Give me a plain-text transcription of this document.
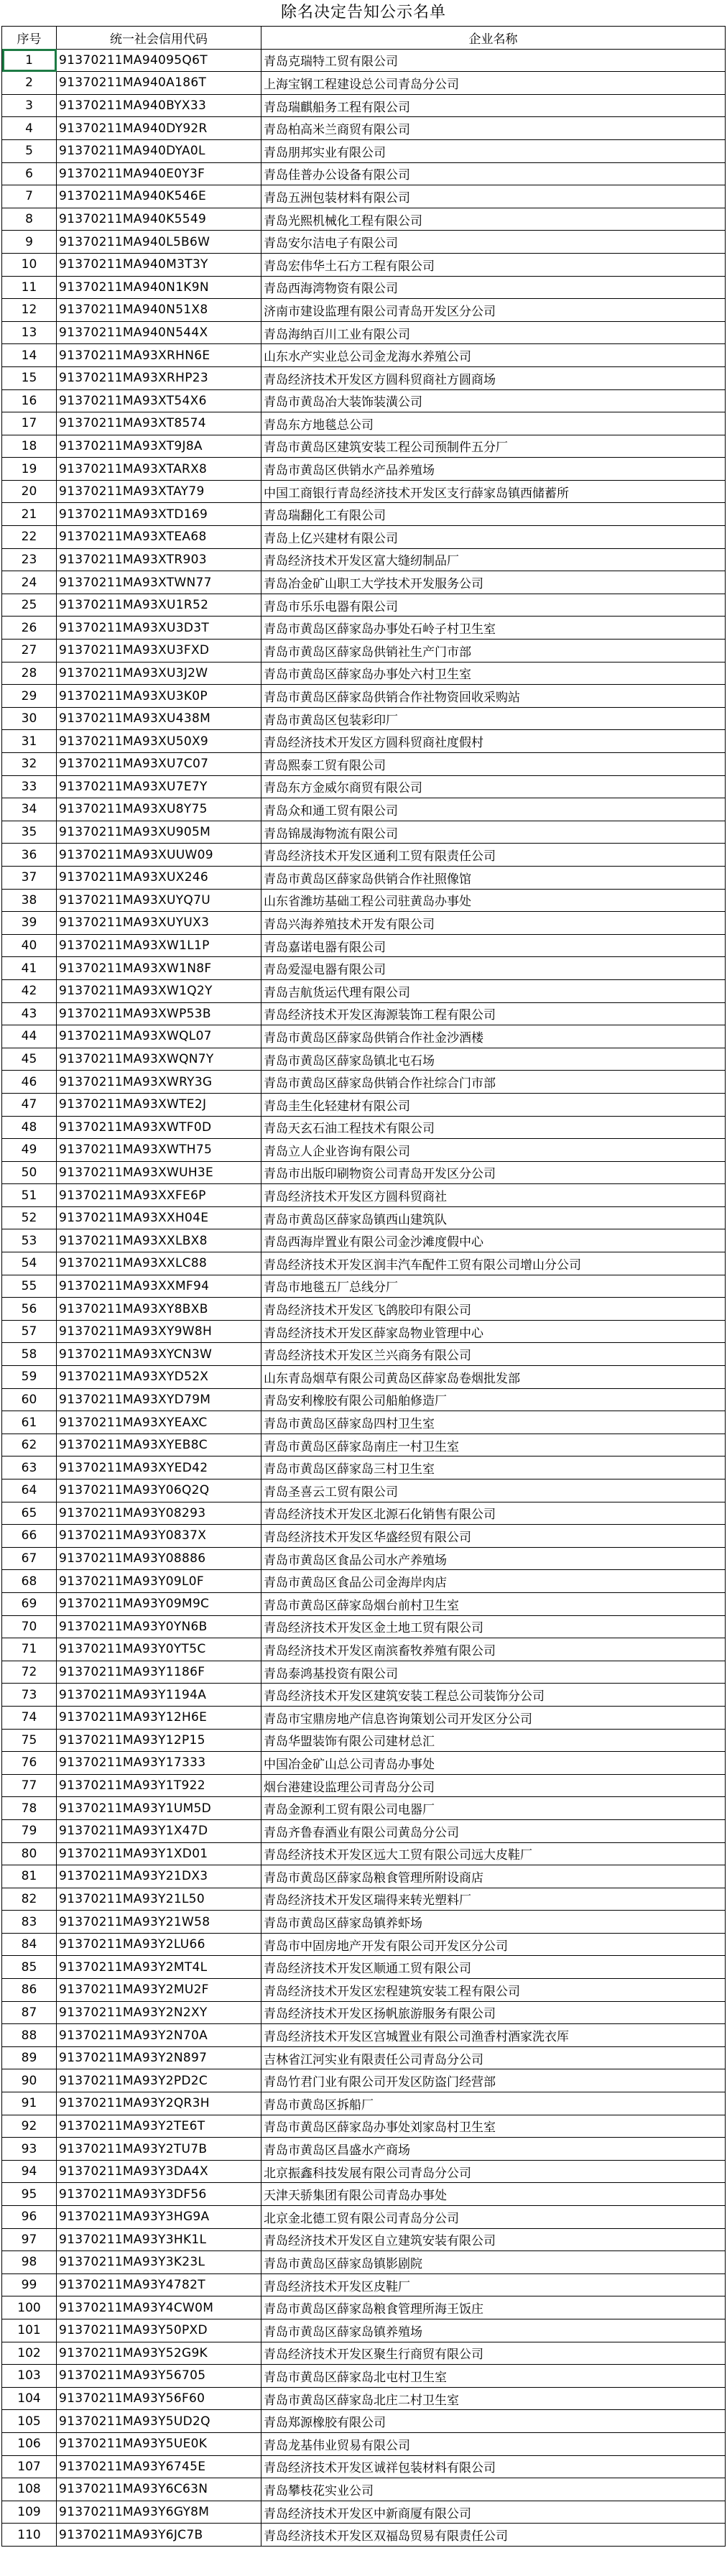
除名决定告知公示名单
序号	统一社会信用代码	企业名称
1	91370211MA94095Q6T	青岛克瑞特工贸有限公司
2	91370211MA940A186T	上海宝钢工程建设总公司青岛分公司
3	91370211MA940BYX33	青岛瑞麒船务工程有限公司
4	91370211MA940DY92R	青岛柏高米兰商贸有限公司
5	91370211MA940DYA0L	青岛朋邦实业有限公司
6	91370211MA940E0Y3F	青岛佳普办公设备有限公司
7	91370211MA940K546E	青岛五洲包装材料有限公司
8	91370211MA940K5549	青岛光熙机械化工程有限公司
9	91370211MA940L5B6W	青岛安尔洁电子有限公司
10	91370211MA940M3T3Y	青岛宏伟华土石方工程有限公司
11	91370211MA940N1K9N	青岛西海湾物资有限公司
12	91370211MA940N51X8	济南市建设监理有限公司青岛开发区分公司
13	91370211MA940N544X	青岛海纳百川工业有限公司
14	91370211MA93XRHN6E	山东水产实业总公司金龙海水养殖公司
15	91370211MA93XRHP23	青岛经济技术开发区方圆科贸商社方圆商场
16	91370211MA93XT54X6	青岛市黄岛冶大装饰装潢公司
17	91370211MA93XT8574	青岛东方地毯总公司
18	91370211MA93XT9J8A	青岛市黄岛区建筑安装工程公司预制件五分厂
19	91370211MA93XTARX8	青岛市黄岛区供销水产品养殖场
20	91370211MA93XTAY79	中国工商银行青岛经济技术开发区支行薛家岛镇西储蓄所
21	91370211MA93XTD169	青岛瑞翻化工有限公司
22	91370211MA93XTEA68	青岛上亿兴建材有限公司
23	91370211MA93XTR903	青岛经济技术开发区富大缝纫制品厂
24	91370211MA93XTWN77	青岛冶金矿山职工大学技术开发服务公司
25	91370211MA93XU1R52	青岛市乐乐电器有限公司
26	91370211MA93XU3D3T	青岛市黄岛区薛家岛办事处石岭子村卫生室
27	91370211MA93XU3FXD	青岛市黄岛区薛家岛供销社生产门市部
28	91370211MA93XU3J2W	青岛市黄岛区薛家岛办事处六村卫生室
29	91370211MA93XU3K0P	青岛市黄岛区薛家岛供销合作社物资回收采购站
30	91370211MA93XU438M	青岛市黄岛区包装彩印厂
31	91370211MA93XU50X9	青岛经济技术开发区方圆科贸商社度假村
32	91370211MA93XU7C07	青岛熙泰工贸有限公司
33	91370211MA93XU7E7Y	青岛东方金威尔商贸有限公司
34	91370211MA93XU8Y75	青岛众和通工贸有限公司
35	91370211MA93XU905M	青岛锦晟海物流有限公司
36	91370211MA93XUUW09	青岛经济技术开发区通利工贸有限责任公司
37	91370211MA93XUX246	青岛市黄岛区薛家岛供销合作社照像馆
38	91370211MA93XUYQ7U	山东省潍坊基础工程公司驻黄岛办事处
39	91370211MA93XUYUX3	青岛兴海养殖技术开发有限公司
40	91370211MA93XW1L1P	青岛嘉诺电器有限公司
41	91370211MA93XW1N8F	青岛爱湿电器有限公司
42	91370211MA93XW1Q2Y	青岛吉航货运代理有限公司
43	91370211MA93XWP53B	青岛经济技术开发区海源装饰工程有限公司
44	91370211MA93XWQL07	青岛市黄岛区薛家岛供销合作社金沙酒楼
45	91370211MA93XWQN7Y	青岛市黄岛区薛家岛镇北屯石场
46	91370211MA93XWRY3G	青岛市黄岛区薛家岛供销合作社综合门市部
47	91370211MA93XWTE2J	青岛圭生化轻建材有限公司
48	91370211MA93XWTF0D	青岛天玄石油工程技术有限公司
49	91370211MA93XWTH75	青岛立人企业咨询有限公司
50	91370211MA93XWUH3E	青岛市出版印刷物资公司青岛开发区分公司
51	91370211MA93XXFE6P	青岛经济技术开发区方圆科贸商社
52	91370211MA93XXH04E	青岛市黄岛区薛家岛镇西山建筑队
53	91370211MA93XXLBX8	青岛西海岸置业有限公司金沙滩度假中心
54	91370211MA93XXLC88	青岛经济技术开发区润丰汽车配件工贸有限公司增山分公司
55	91370211MA93XXMF94	青岛市地毯五厂总线分厂
56	91370211MA93XY8BXB	青岛经济技术开发区飞鸽胶印有限公司
57	91370211MA93XY9W8H	青岛经济技术开发区薛家岛物业管理中心
58	91370211MA93XYCN3W	青岛经济技术开发区兰兴商务有限公司
59	91370211MA93XYD52X	山东青岛烟草有限公司黄岛区薛家岛卷烟批发部
60	91370211MA93XYD79M	青岛安利橡胶有限公司船舶修造厂
61	91370211MA93XYEAXC	青岛市黄岛区薛家岛四村卫生室
62	91370211MA93XYEB8C	青岛市黄岛区薛家岛南庄一村卫生室
63	91370211MA93XYED42	青岛市黄岛区薛家岛三村卫生室
64	91370211MA93Y06Q2Q	青岛圣喜云工贸有限公司
65	91370211MA93Y08293	青岛经济技术开发区北源石化销售有限公司
66	91370211MA93Y0837X	青岛经济技术开发区华盛经贸有限公司
67	91370211MA93Y08886	青岛市黄岛区食品公司水产养殖场
68	91370211MA93Y09L0F	青岛市黄岛区食品公司金海岸肉店
69	91370211MA93Y09M9C	青岛市黄岛区薛家岛烟台前村卫生室
70	91370211MA93Y0YN6B	青岛经济技术开发区金土地工贸有限公司
71	91370211MA93Y0YT5C	青岛经济技术开发区南滨畜牧养殖有限公司
72	91370211MA93Y1186F	青岛泰鸿基投资有限公司
73	91370211MA93Y1194A	青岛经济技术开发区建筑安装工程总公司装饰分公司
74	91370211MA93Y12H6E	青岛市宝鼎房地产信息咨询策划公司开发区分公司
75	91370211MA93Y12P15	青岛华盟装饰有限公司建材总汇
76	91370211MA93Y17333	中国冶金矿山总公司青岛办事处
77	91370211MA93Y1T922	烟台港建设监理公司青岛分公司
78	91370211MA93Y1UM5D	青岛金源利工贸有限公司电器厂
79	91370211MA93Y1X47D	青岛齐鲁春酒业有限公司黄岛分公司
80	91370211MA93Y1XD01	青岛经济技术开发区远大工贸有限公司远大皮鞋厂
81	91370211MA93Y21DX3	青岛市黄岛区薛家岛粮食管理所附设商店
82	91370211MA93Y21L50	青岛经济技术开发区瑞得来转光塑料厂
83	91370211MA93Y21W58	青岛市黄岛区薛家岛镇养虾场
84	91370211MA93Y2LU66	青岛市中固房地产开发有限公司开发区分公司
85	91370211MA93Y2MT4L	青岛经济技术开发区顺通工贸有限公司
86	91370211MA93Y2MU2F	青岛经济技术开发区宏程建筑安装工程有限公司
87	91370211MA93Y2N2XY	青岛经济技术开发区扬帆旅游服务有限公司
88	91370211MA93Y2N70A	青岛经济技术开发区宫城置业有限公司渔香村酒家洗衣厍
89	91370211MA93Y2N897	吉林省江河实业有限责任公司青岛分公司
90	91370211MA93Y2PD2C	青岛竹君门业有限公司开发区防盗门经营部
91	91370211MA93Y2QR3H	青岛市黄岛区拆船厂
92	91370211MA93Y2TE6T	青岛市黄岛区薛家岛办事处刘家岛村卫生室
93	91370211MA93Y2TU7B	青岛市黄岛区昌盛水产商场
94	91370211MA93Y3DA4X	北京振鑫科技发展有限公司青岛分公司
95	91370211MA93Y3DF56	天津天骄集团有限公司青岛办事处
96	91370211MA93Y3HG9A	北京金北德工贸有限公司青岛分公司
97	91370211MA93Y3HK1L	青岛经济技术开发区自立建筑安装有限公司
98	91370211MA93Y3K23L	青岛市黄岛区薛家岛镇影剧院
99	91370211MA93Y4782T	青岛经济技术开发区皮鞋厂
100	91370211MA93Y4CW0M	青岛市黄岛区薛家岛粮食管理所海王饭庄
101	91370211MA93Y50PXD	青岛市黄岛区薛家岛镇养殖场
102	91370211MA93Y52G9K	青岛经济技术开发区聚生行商贸有限公司
103	91370211MA93Y56705	青岛市黄岛区薛家岛北屯村卫生室
104	91370211MA93Y56F60	青岛市黄岛区薛家岛北庄二村卫生室
105	91370211MA93Y5UD2Q	青岛郑源橡胶有限公司
106	91370211MA93Y5UE0K	青岛龙基伟业贸易有限公司
107	91370211MA93Y6745E	青岛经济技术开发区诚祥包装材料有限公司
108	91370211MA93Y6C63N	青岛攀枝花实业公司
109	91370211MA93Y6GY8M	青岛经济技术开发区中新商厦有限公司
110	91370211MA93Y6JC7B	青岛经济技术开发区双福岛贸易有限责任公司
